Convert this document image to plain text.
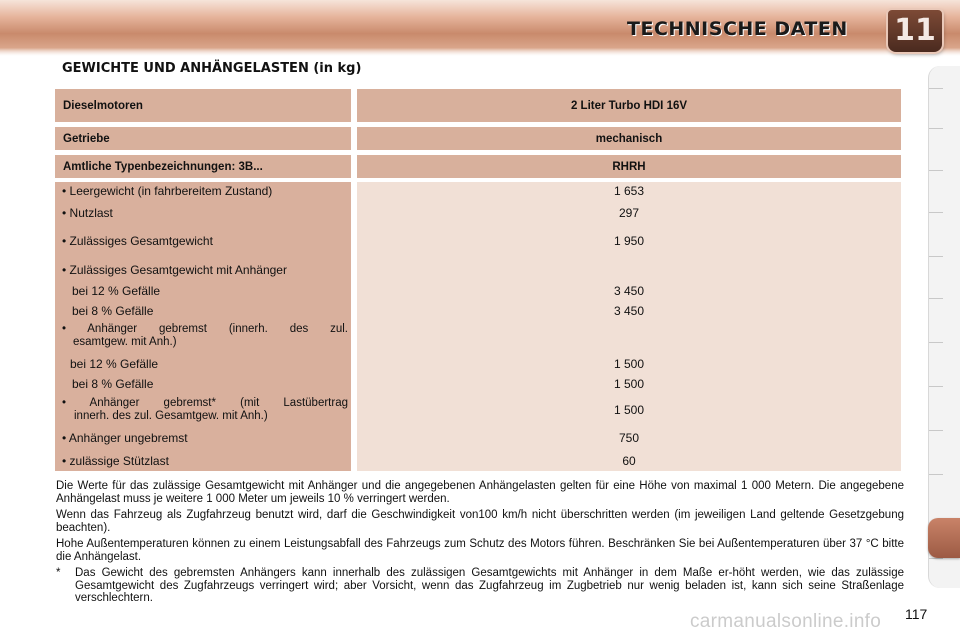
TECHNISCHE DATEN	11
GEWICHTE UND ANHÄNGELASTEN (in kg)
Dieselmotoren	2 Liter Turbo HDI 16V
Getriebe	mechanisch
Amtliche Typenbezeichnungen: 3B...	RHRH
• Leergewicht (in fahrbereitem Zustand)	1 653
• Nutzlast	297
• Zulässiges Gesamtgewicht	1 950
• Zulässiges Gesamtgewicht mit Anhänger
bei 12 % Gefälle	3 450
bei 8 % Gefälle	3 450
• Anhänger gebremst (innerh. des zul.
esamtgew. mit Anh.)
bei 12 % Gefälle	1 500
bei 8 % Gefälle	1 500
• Anhänger gebremst* (mit Lastübertrag
innerh. des zul. Gesamtgew. mit Anh.)	1 500
• Anhänger ungebremst	750
• zulässige Stützlast	60

Die Werte für das zulässige Gesamtgewicht mit Anhänger und die angegebenen Anhängelasten gelten für eine Höhe von maximal 1 000 Metern. Die angegebene Anhängelast muss je weitere 1 000 Meter um jeweils 10 % verringert werden.

Wenn das Fahrzeug als Zugfahrzeug benutzt wird, darf die Geschwindigkeit von100 km/h nicht überschritten werden (im jeweiligen Land geltende Gesetzgebung beachten).

Hohe Außentemperaturen können zu einem Leistungsabfall des Fahrzeugs zum Schutz des Motors führen. Beschränken Sie bei Außentemperaturen über 37 °C bitte die Anhängelast.

* Das Gewicht des gebremsten Anhängers kann innerhalb des zulässigen Gesamtgewichts mit Anhänger in dem Maße er-höht werden, wie das zulässige Gesamtgewicht des Zugfahrzeugs verringert wird; aber Vorsicht, wenn das Zugfahrzeug im Zugbetrieb nur wenig beladen ist, kann sich seine Straßenlage verschlechtern.
carmanualsonline.info	117
